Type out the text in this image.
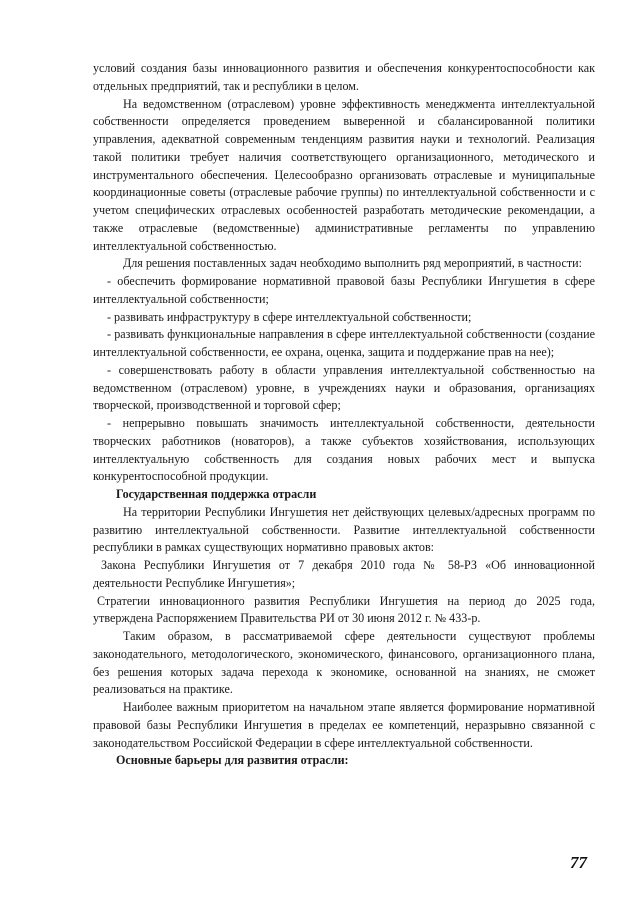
условий создания базы инновационного развития и обеспечения конкурентоспособности как отдельных предприятий, так и республики в целом.

На ведомственном (отраслевом) уровне эффективность менеджмента интеллектуальной собственности определяется проведением выверенной и сбалансированной политики управления, адекватной современным тенденциям развития науки и технологий. Реализация такой политики требует наличия соответствующего организационного, методического и инструментального обеспечения. Целесообразно организовать отраслевые и муниципальные координационные советы (отраслевые рабочие группы) по интеллектуальной собственности и с учетом специфических отраслевых особенностей разработать методические рекомендации, а также отраслевые (ведомственные) административные регламенты по управлению интеллектуальной собственностью.

Для решения поставленных задач необходимо выполнить ряд мероприятий, в частности:

- обеспечить формирование нормативной правовой базы Республики Ингушетия в сфере интеллектуальной собственности;

- развивать инфраструктуру в сфере интеллектуальной собственности;

- развивать функциональные направления в сфере интеллектуальной собственности (создание интеллектуальной собственности, ее охрана, оценка, защита и поддержание прав на нее);

- совершенствовать работу в области управления интеллектуальной собственностью на ведомственном (отраслевом) уровне, в учреждениях науки и образования, организациях творческой, производственной и торговой сфер;

- непрерывно повышать значимость интеллектуальной собственности, деятельности творческих работников (новаторов), а также субъектов хозяйствования, использующих интеллектуальную собственность для создания новых рабочих мест и выпуска конкурентоспособной продукции.

Государственная поддержка отрасли

На территории Республики Ингушетия нет действующих целевых/адресных программ по развитию интеллектуальной собственности. Развитие интеллектуальной собственности республики в рамках существующих нормативно правовых актов:

Закона Республики Ингушетия от 7 декабря 2010 года № 58-РЗ «Об инновационной деятельности Республике Ингушетия»;

Стратегии инновационного развития Республики Ингушетия на период до 2025 года, утверждена Распоряжением Правительства РИ от 30 июня 2012 г. № 433-р.

Таким образом, в рассматриваемой сфере деятельности существуют проблемы законодательного, методологического, экономического, финансового, организационного плана, без решения которых задача перехода к экономике, основанной на знаниях, не сможет реализоваться на практике.

Наиболее важным приоритетом на начальном этапе является формирование нормативной правовой базы Республики Ингушетия в пределах ее компетенций, неразрывно связанной с законодательством Российской Федерации в сфере интеллектуальной собственности.

Основные барьеры для развития отрасли:

77
